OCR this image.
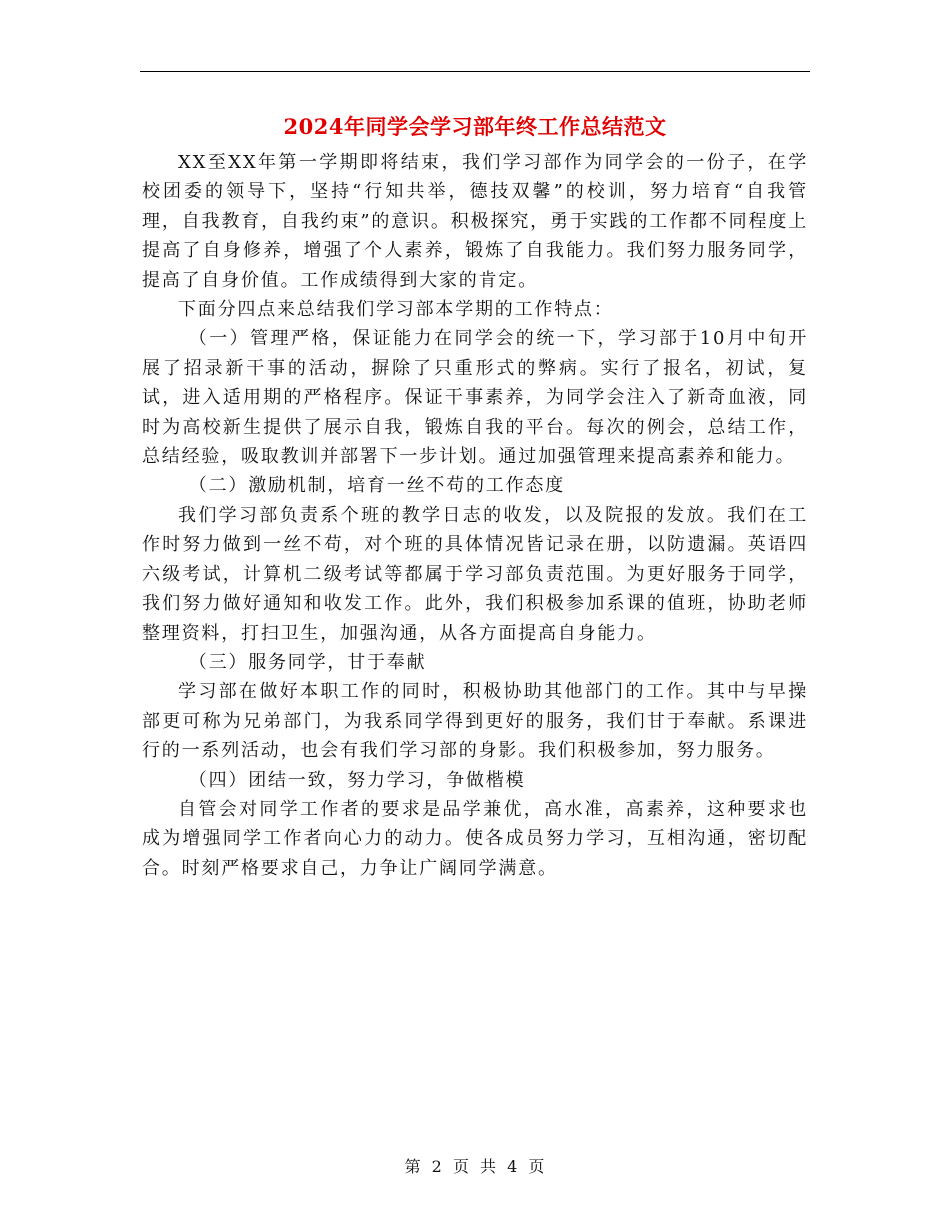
2024年同学会学习部年终工作总结范文

XX至XX年第一学期即将结束，我们学习部作为同学会的一份子，在学校团委的领导下，坚持“行知共举，德技双馨”的校训，努力培育“自我管理，自我教育，自我约束”的意识。积极探究，勇于实践的工作都不同程度上提高了自身修养，增强了个人素养，锻炼了自我能力。我们努力服务同学，提高了自身价值。工作成绩得到大家的肯定。

下面分四点来总结我们学习部本学期的工作特点：

（一）管理严格，保证能力在同学会的统一下，学习部于10月中旬开展了招录新干事的活动，摒除了只重形式的弊病。实行了报名，初试，复试，进入适用期的严格程序。保证干事素养，为同学会注入了新奇血液，同时为高校新生提供了展示自我，锻炼自我的平台。每次的例会，总结工作，总结经验，吸取教训并部署下一步计划。通过加强管理来提高素养和能力。

（二）激励机制，培育一丝不苟的工作态度

我们学习部负责系个班的教学日志的收发，以及院报的发放。我们在工作时努力做到一丝不苟，对个班的具体情况皆记录在册，以防遗漏。英语四六级考试，计算机二级考试等都属于学习部负责范围。为更好服务于同学，我们努力做好通知和收发工作。此外，我们积极参加系课的值班，协助老师整理资料，打扫卫生，加强沟通，从各方面提高自身能力。

（三）服务同学，甘于奉献

学习部在做好本职工作的同时，积极协助其他部门的工作。其中与早操部更可称为兄弟部门，为我系同学得到更好的服务，我们甘于奉献。系课进行的一系列活动，也会有我们学习部的身影。我们积极参加，努力服务。

（四）团结一致，努力学习，争做楷模

自管会对同学工作者的要求是品学兼优，高水准，高素养，这种要求也成为增强同学工作者向心力的动力。使各成员努力学习，互相沟通，密切配合。时刻严格要求自己，力争让广阔同学满意。

第 2 页 共 4 页
